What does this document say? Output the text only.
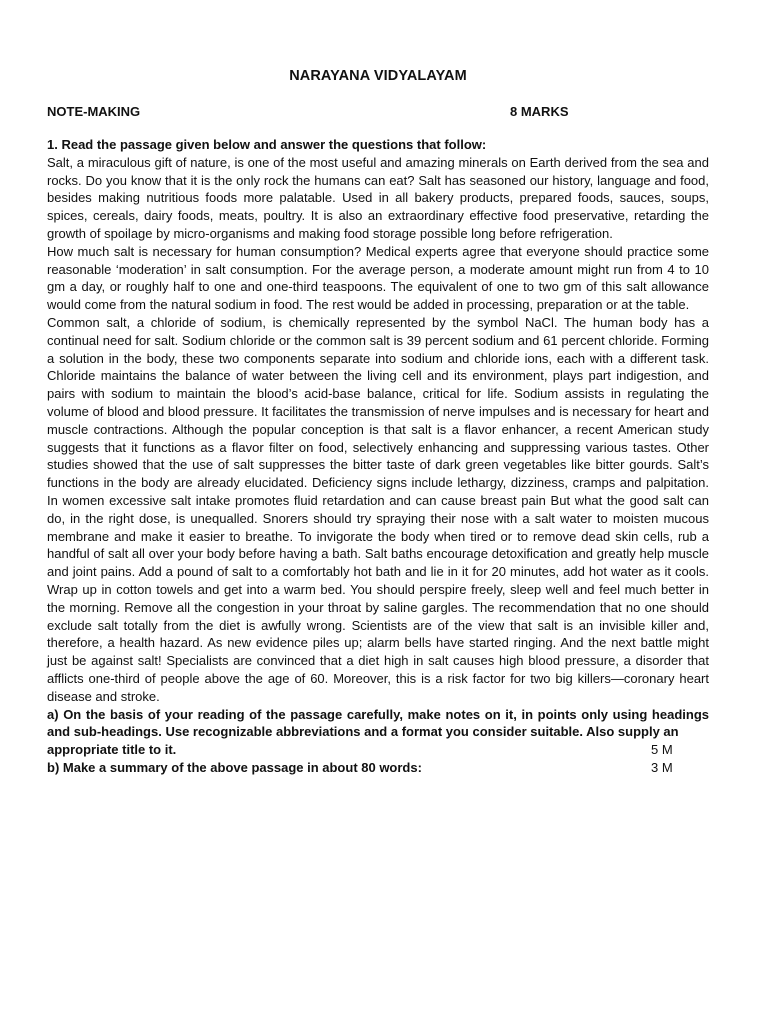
NARAYANA VIDYALAYAM
NOTE-MAKING	8 MARKS

1. Read the passage given below and answer the questions that follow:

Salt, a miraculous gift of nature, is one of the most useful and amazing minerals on Earth derived from the sea and rocks. Do you know that it is the only rock the humans can eat? Salt has seasoned our history, language and food, besides making nutritious foods more palatable. Used in all bakery products, prepared foods, sauces, soups, spices, cereals, dairy foods, meats, poultry. It is also an extraordinary effective food preservative, retarding the growth of spoilage by micro-organisms and making food storage possible long before refrigeration.

How much salt is necessary for human consumption? Medical experts agree that everyone should practice some reasonable ‘moderation’ in salt consumption. For the average person, a moderate amount might run from 4 to 10 gm a day, or roughly half to one and one-third teaspoons. The equivalent of one to two gm of this salt allowance would come from the natural sodium in food. The rest would be added in processing, preparation or at the table.

Common salt, a chloride of sodium, is chemically represented by the symbol NaCl. The human body has a continual need for salt. Sodium chloride or the common salt is 39 percent sodium and 61 percent chloride. Forming a solution in the body, these two components separate into sodium and chloride ions, each with a different task. Chloride maintains the balance of water between the living cell and its environment, plays part indigestion, and pairs with sodium to maintain the blood’s acid-base balance, critical for life. Sodium assists in regulating the volume of blood and blood pressure. It facilitates the transmission of nerve impulses and is necessary for heart and muscle contractions. Although the popular conception is that salt is a flavor enhancer, a recent American study suggests that it functions as a flavor filter on food, selectively enhancing and suppressing various tastes. Other studies showed that the use of salt suppresses the bitter taste of dark green vegetables like bitter gourds. Salt’s functions in the body are already elucidated. Deficiency signs include lethargy, dizziness, cramps and palpitation. In women excessive salt intake promotes fluid retardation and can cause breast pain But what the good salt can do, in the right dose, is unequalled. Snorers should try spraying their nose with a salt water to moisten mucous membrane and make it easier to breathe. To invigorate the body when tired or to remove dead skin cells, rub a handful of salt all over your body before having a bath. Salt baths encourage detoxification and greatly help muscle and joint pains. Add a pound of salt to a comfortably hot bath and lie in it for 20 minutes, add hot water as it cools. Wrap up in cotton towels and get into a warm bed. You should perspire freely, sleep well and feel much better in the morning. Remove all the congestion in your throat by saline gargles. The recommendation that no one should exclude salt totally from the diet is awfully wrong. Scientists are of the view that salt is an invisible killer and, therefore, a health hazard. As new evidence piles up; alarm bells have started ringing. And the next battle might just be against salt! Specialists are convinced that a diet high in salt causes high blood pressure, a disorder that afflicts one-third of people above the age of 60. Moreover, this is a risk factor for two big killers—coronary heart disease and stroke.

a) On the basis of your reading of the passage carefully, make notes on it, in points only using headings and sub-headings. Use recognizable abbreviations and a format you consider suitable. Also supply an

appropriate title to it.	5 M
b) Make a summary of the above passage in about 80 words:	3 M
